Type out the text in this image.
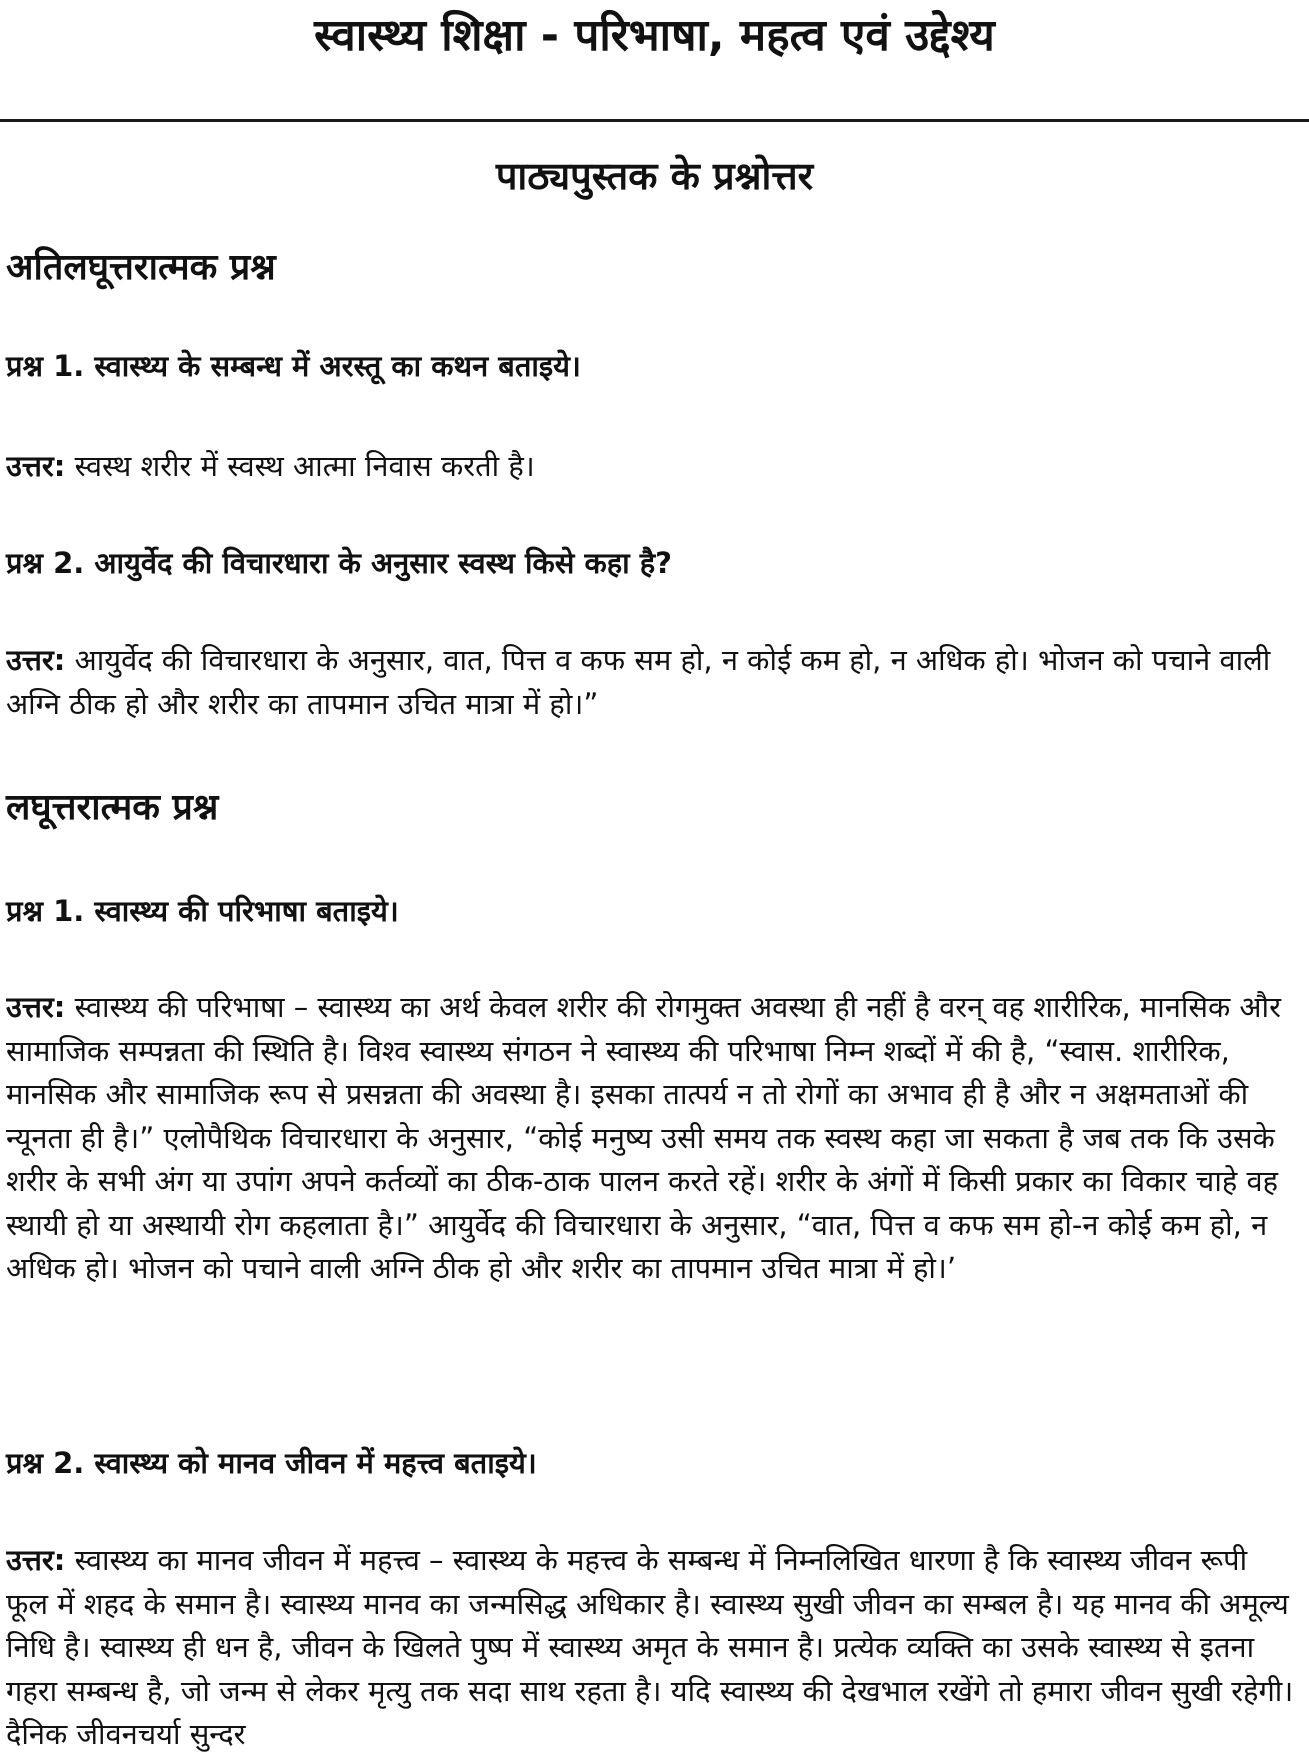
स्वास्थ्य शिक्षा - परिभाषा, महत्व एवं उद्देश्य
पाठ्यपुस्तक के प्रश्नोत्तर
अतिलघूत्तरात्मक प्रश्न

प्रश्न 1. स्वास्थ्य के सम्बन्ध में अरस्तू का कथन बताइये।

उत्तर: स्वस्थ शरीर में स्वस्थ आत्मा निवास करती है।

प्रश्न 2. आयुर्वेद की विचारधारा के अनुसार स्वस्थ किसे कहा है?

उत्तर: आयुर्वेद की विचारधारा के अनुसार, वात, पित्त व कफ सम हो, न कोई कम हो, न अधिक हो। भोजन को पचाने वाली अग्नि ठीक हो और शरीर का तापमान उचित मात्रा में हो।”

लघूत्तरात्मक प्रश्न

प्रश्न 1. स्वास्थ्य की परिभाषा बताइये।

उत्तर: स्वास्थ्य की परिभाषा – स्वास्थ्य का अर्थ केवल शरीर की रोगमुक्त अवस्था ही नहीं है वरन् वह शारीरिक, मानसिक और सामाजिक सम्पन्नता की स्थिति है। विश्व स्वास्थ्य संगठन ने स्वास्थ्य की परिभाषा निम्न शब्दों में की है, “स्वास. शारीरिक, मानसिक और सामाजिक रूप से प्रसन्नता की अवस्था है। इसका तात्पर्य न तो रोगों का अभाव ही है और न अक्षमताओं की न्यूनता ही है।” एलोपैथिक विचारधारा के अनुसार, “कोई मनुष्य उसी समय तक स्वस्थ कहा जा सकता है जब तक कि उसके शरीर के सभी अंग या उपांग अपने कर्तव्यों का ठीक-ठाक पालन करते रहें। शरीर के अंगों में किसी प्रकार का विकार चाहे वह स्थायी हो या अस्थायी रोग कहलाता है।” आयुर्वेद की विचारधारा के अनुसार, “वात, पित्त व कफ सम हो-न कोई कम हो, न अधिक हो। भोजन को पचाने वाली अग्नि ठीक हो और शरीर का तापमान उचित मात्रा में हो।’

प्रश्न 2. स्वास्थ्य को मानव जीवन में महत्त्व बताइये।

उत्तर: स्वास्थ्य का मानव जीवन में महत्त्व – स्वास्थ्य के महत्त्व के सम्बन्ध में निम्नलिखित धारणा है कि स्वास्थ्य जीवन रूपी फूल में शहद के समान है। स्वास्थ्य मानव का जन्मसिद्ध अधिकार है। स्वास्थ्य सुखी जीवन का सम्बल है। यह मानव की अमूल्य निधि है। स्वास्थ्य ही धन है, जीवन के खिलते पुष्प में स्वास्थ्य अमृत के समान है। प्रत्येक व्यक्ति का उसके स्वास्थ्य से इतना गहरा सम्बन्ध है, जो जन्म से लेकर मृत्यु तक सदा साथ रहता है। यदि स्वास्थ्य की देखभाल रखेंगे तो हमारा जीवन सुखी रहेगी। दैनिक जीवनचर्या सुन्दर
